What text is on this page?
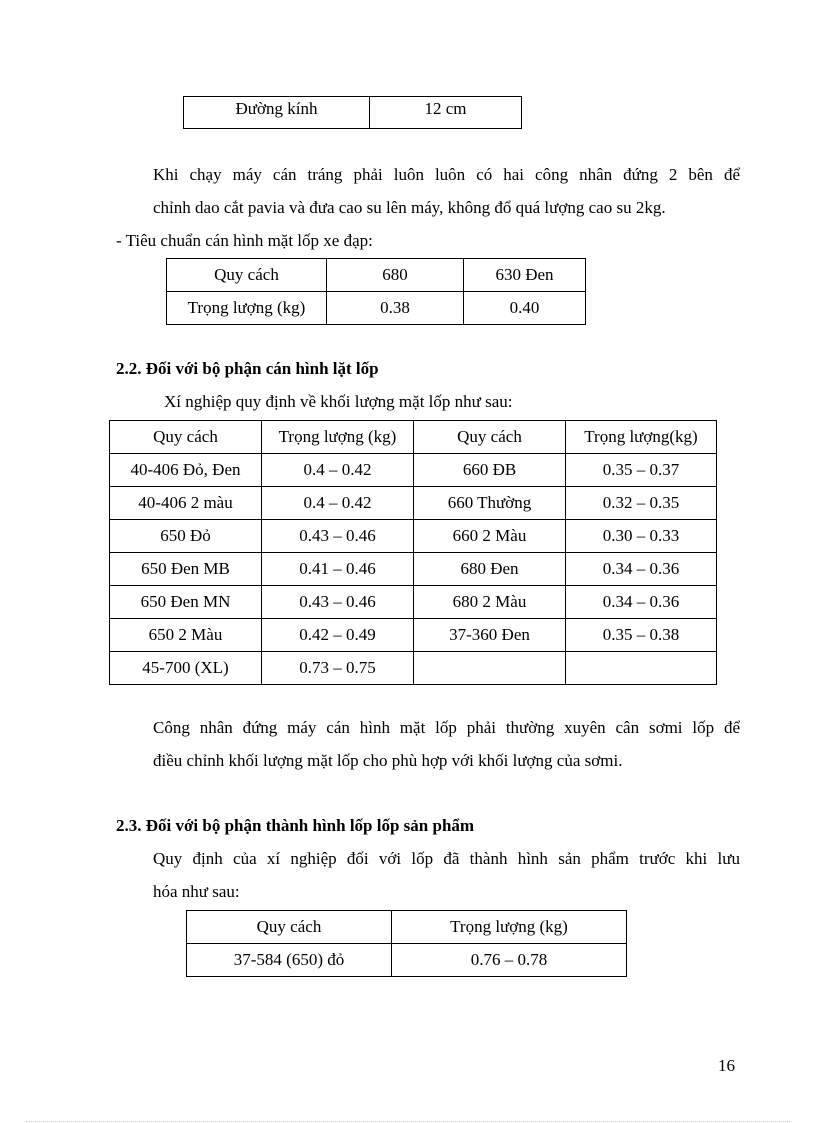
Đường kính	12 cm
Khi chạy máy cán tráng phải luôn luôn có hai công nhân đứng 2 bên để
chỉnh dao cắt pavia và đưa cao su lên máy, không đổ quá lượng cao su 2kg.
- Tiêu chuẩn cán hình mặt lốp xe đạp:
Quy cách	680	630 Đen
Trọng lượng (kg)	0.38	0.40
2.2. Đối với bộ phận cán hình lặt lốp
Xí nghiệp quy định về khối lượng mặt lốp như sau:
Quy cách	Trọng lượng (kg)	Quy cách	Trọng lượng(kg)
40-406 Đỏ, Đen	0.4 – 0.42	660 ĐB	0.35 – 0.37
40-406 2 màu	0.4 – 0.42	660 Thường	0.32 – 0.35
650 Đỏ	0.43 – 0.46	660 2 Màu	0.30 – 0.33
650 Đen MB	0.41 – 0.46	680 Đen	0.34 – 0.36
650 Đen MN	0.43 – 0.46	680 2 Màu	0.34 – 0.36
650 2 Màu	0.42 – 0.49	37-360 Đen	0.35 – 0.38
45-700 (XL)	0.73 – 0.75		
Công nhân đứng máy cán hình mặt lốp phải thường xuyên cân sơmi lốp để
điều chỉnh khối lượng mặt lốp cho phù hợp với khối lượng của sơmi.
2.3. Đối với bộ phận thành hình lốp lốp sản phẩm
Quy định của xí nghiệp đối với lốp đã thành hình sản phẩm trước khi lưu
hóa như sau:
Quy cách	Trọng lượng (kg)
37-584 (650) đỏ	0.76 – 0.78
16
